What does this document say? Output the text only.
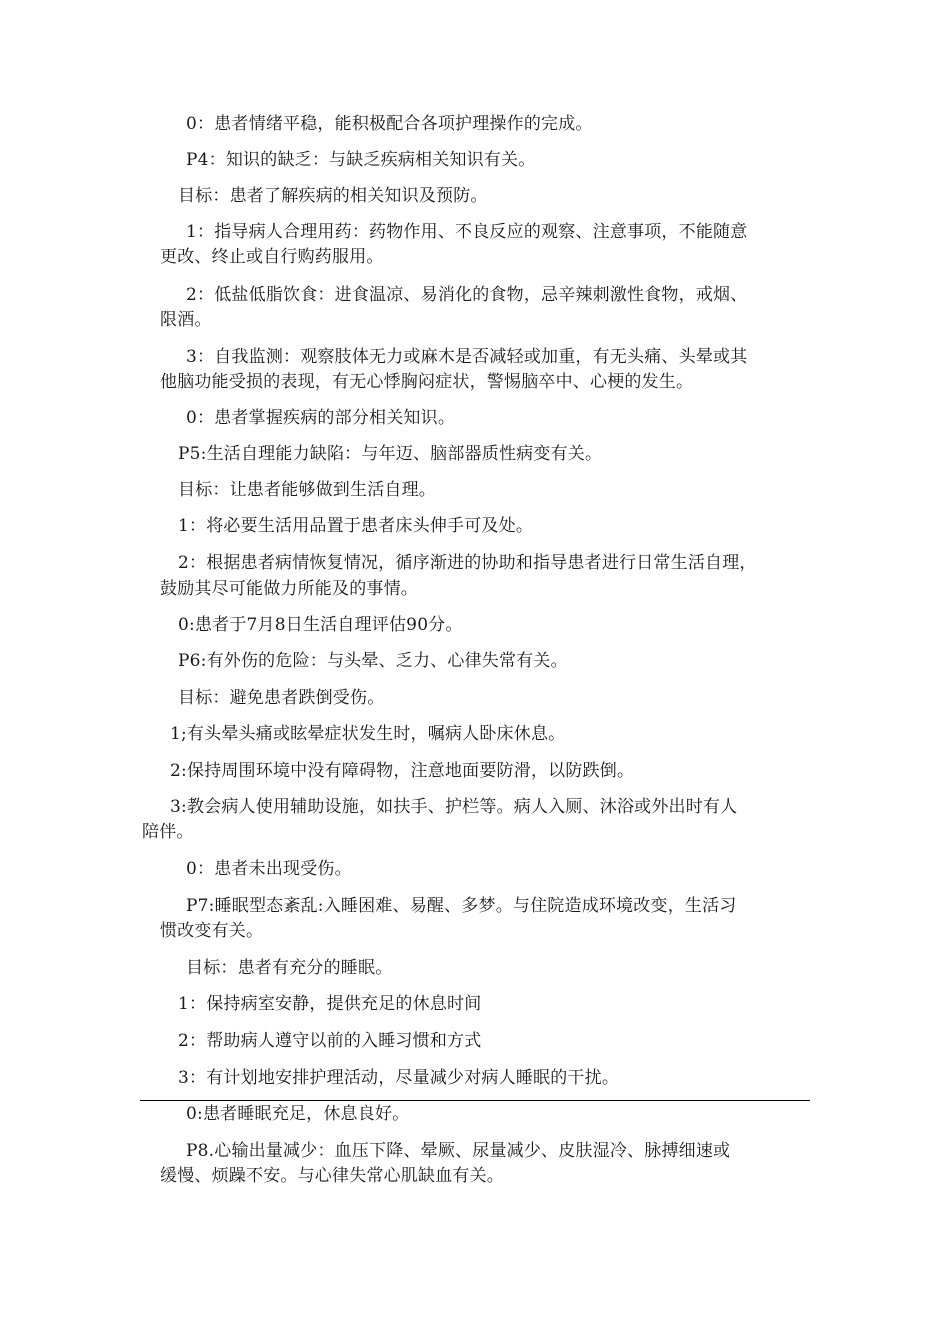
0：患者情绪平稳，能积极配合各项护理操作的完成。

P4：知识的缺乏：与缺乏疾病相关知识有关。

目标：患者了解疾病的相关知识及预防。

1：指导病人合理用药：药物作用、不良反应的观察、注意事项，不能随意

更改、终止或自行购药服用。

2：低盐低脂饮食：进食温凉、易消化的食物，忌辛辣刺激性食物，戒烟、

限酒。

3：自我监测：观察肢体无力或麻木是否减轻或加重，有无头痛、头晕或其

他脑功能受损的表现，有无心悸胸闷症状，警惕脑卒中、心梗的发生。

0：患者掌握疾病的部分相关知识。

P5:生活自理能力缺陷：与年迈、脑部器质性病变有关。

目标：让患者能够做到生活自理。

1：将必要生活用品置于患者床头伸手可及处。

2：根据患者病情恢复情况，循序渐进的协助和指导患者进行日常生活自理，

鼓励其尽可能做力所能及的事情。

0:患者于7月8日生活自理评估90分。

P6:有外伤的危险：与头晕、乏力、心律失常有关。

目标：避免患者跌倒受伤。

1;有头晕头痛或眩晕症状发生时，嘱病人卧床休息。

2:保持周围环境中没有障碍物，注意地面要防滑，以防跌倒。

3:教会病人使用辅助设施，如扶手、护栏等。病人入厕、沐浴或外出时有人

陪伴。

0：患者未出现受伤。

P7:睡眠型态紊乱:入睡困难、易醒、多梦。与住院造成环境改变，生活习

惯改变有关。

目标：患者有充分的睡眠。

1：保持病室安静，提供充足的休息时间

2：帮助病人遵守以前的入睡习惯和方式

3：有计划地安排护理活动，尽量减少对病人睡眠的干扰。

0:患者睡眠充足，休息良好。

P8.心输出量减少：血压下降、晕厥、尿量减少、皮肤湿冷、脉搏细速或

缓慢、烦躁不安。与心律失常心肌缺血有关。
